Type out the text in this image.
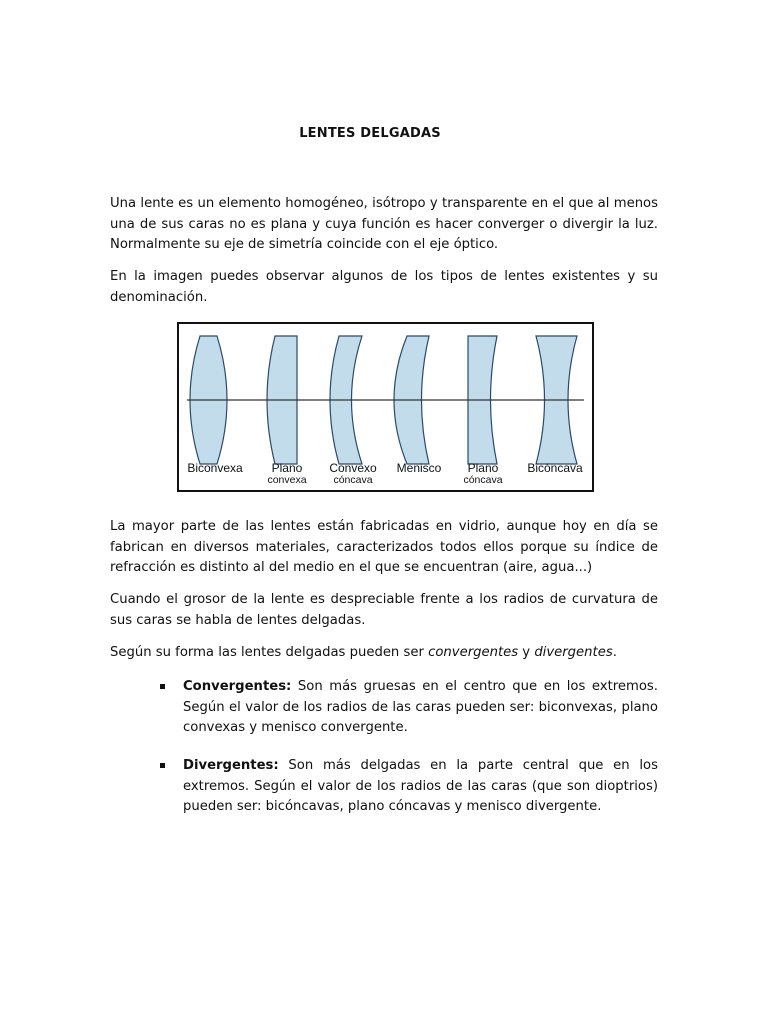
LENTES DELGADAS

Una lente es un elemento homogéneo, isótropo y transparente en el que al menos una de sus caras no es plana y cuya función es hacer converger o divergir la luz. Normalmente su eje de simetría coincide con el eje óptico.

En la imagen puedes observar algunos de los tipos de lentes existentes y su denominación.

Biconvexa Plano
convexa
Convexo
cóncava
Menisco Plano
cóncava
Bicóncava

La mayor parte de las lentes están fabricadas en vidrio, aunque hoy en día se fabrican en diversos materiales, caracterizados todos ellos porque su índice de refracción es distinto al del medio en el que se encuentran (aire, agua...)

Cuando el grosor de la lente es despreciable frente a los radios de curvatura de sus caras se habla de lentes delgadas.

Según su forma las lentes delgadas pueden ser convergentes y divergentes.

Convergentes: Son más gruesas en el centro que en los extremos. Según el valor de los radios de las caras pueden ser: biconvexas, plano convexas y menisco convergente.
Divergentes: Son más delgadas en la parte central que en los extremos. Según el valor de los radios de las caras (que son dioptrios) pueden ser: bicóncavas, plano cóncavas y menisco divergente.
